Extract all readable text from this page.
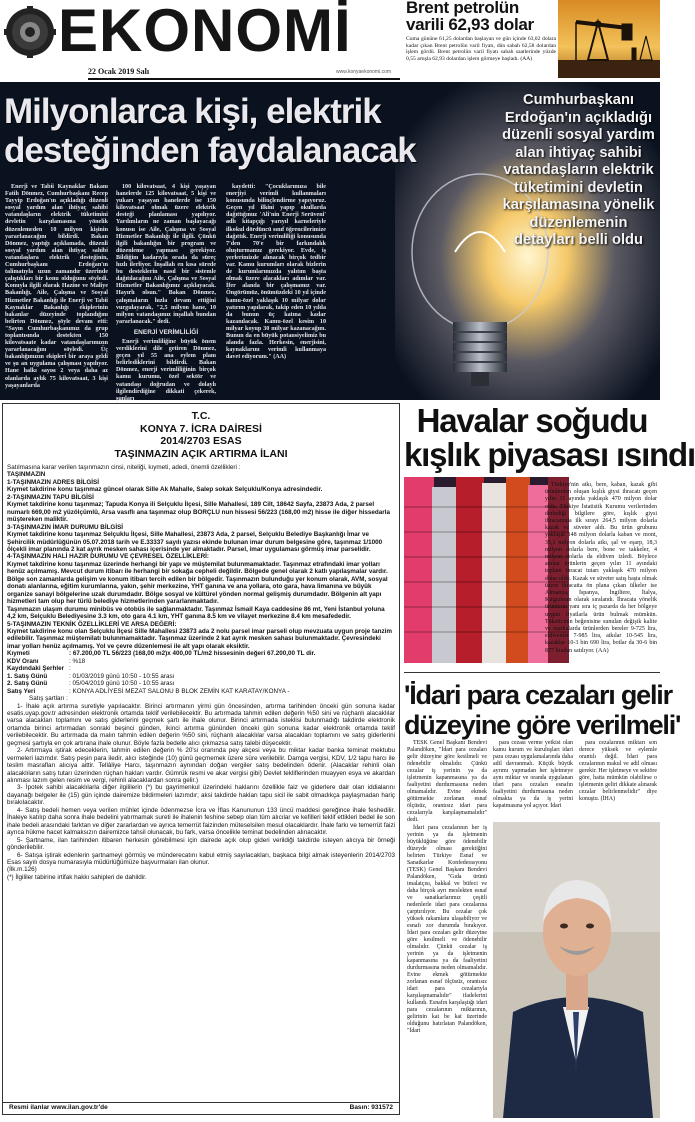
EKONOMİ
22 Ocak 2019 Salı	www.konyaekonomi.com
Brent petrolün varili 62,93 dolar
Cuma gününe 61,25 dolardan başlayan ve gün içinde 63,02 dolara kadar çıkan Brent petrolün varil fiyatı, dün sabah 62,58 dolardan işlem gördü. Brent petrolün varil fiyatı sabah saatlerinde yüzde 0,55 artışla 62,93 dolardan işlem görmeye başladı. (AA)
Milyonlarca kişi, elektrik
desteğinden faydalanacak
Cumhurbaşkanı Erdoğan'ın açıkladığı düzenli sosyal yardım alan ihtiyaç sahibi vatandaşların elektrik tüketimini devletin karşılamasına yönelik düzenlemenin detayları belli oldu

Enerji ve Tabii Kaynaklar Bakanı Fatih Dönmez, Cumhurbaşkanı Recep Tayyip Erdoğan'ın açıkladığı düzenli sosyal yardım alan ihtiyaç sahibi vatandaşların elektrik tüketimini devletin karşılamasına yönelik düzenlemeden 10 milyon kişinin yararlanacağını bildirdi. Bakan Dönmez, yaptığı açıklamada, düzenli sosyal yardım alan ihtiyaç sahibi vatandaşlara elektrik desteğinin, Cumhurbaşkanı Erdoğan'ın talimatıyla uzun zamandır üzerinde çalıştıkları bir konu olduğunu söyledi. Konuyla ilgili olarak Hazine ve Maliye Bakanlığı, Aile, Çalışma ve Sosyal Hizmetler Bakanlığı ile Enerji ve Tabii Kaynaklar Bakanlığı ekiplerinin bakanlar düzeyinde toplandığını belirten Dönmez, şöyle devam etti: "Sayın Cumhurbaşkanımız da grup toplantısında destekten 150 kilovatsaate kadar vatandaşlarımızın yararlanacağını söyledi. Üç bakanlığımızın ekipleri bir araya geldi ve şu an uygulama çalışması yapılıyor. Hane halkı sayısı 2 veya daha az olanlarda aylık 75 kilovatsaat, 3 kişi yaşayanlarda

100 kilovatsaat, 4 kişi yaşayan hanelerde 125 kilovatsaat, 5 kişi ve yukarı yaşayan hanelerde ise 150 kilovatsaat olmak üzere elektrik desteği planlaması yapılıyor. Yardımların ne zaman başlayacağı konusu ise Aile, Çalışma ve Sosyal Hizmetler Bakanlığı ile ilgili. Çünkü ilgili bakanlığın bir program ve düzenleme yapması gerekiyor. Bildiğim kadarıyla orada da süreç hızlı ilerliyor. İnşallah en kısa sürede bu desteklerin nasıl bir sistemle dağıtılacağını Aile, Çalışma ve Sosyal Hizmetler Bakanlığımız açıklayacak. Hayırlı olsun." Bakan Dönmez, çalışmaların hızla devam ettiğini vurgulayarak, "2,5 milyon hane, 10 milyon vatandaşımız inşallah bundan yararlanacak." dedi.

ENERJİ VERİMLİLİĞİ

Enerji verimliliğine büyük önem verdiklerini dile getiren Dönmez, geçen yıl 55 ana eylem planı belirlediklerini bildirdi. Bakan Dönmez, enerji verimliliğinin birçok kamu kurumu, özel sektör ve vatandaşı doğrudan ve dolaylı ilgilendirdiğine dikkati çekerek, şunları

kaydetti: "Çocuklarımıza bile enerjiyi verimli kullanmaları konusunda bilinçlendirme yapıyoruz. Geçen yıl ilkini yapıp okullarda dağıttığımız 'Ali'nin Enerji Serüveni' adlı kitapçığı yarıyıl karneleriyle ilkokul dördüncü sınıf öğrencilerimize dağıttık. Enerji verimliliği konusunda 7'den 70'e bir farkındalık oluşturmamız gerekiyor. Evde, iş yerlerimizde alınacak birçok tedbir var. Kamu kurumları olarak bizlerin de kurumlarımızda yalıtım başta olmak üzere alacakları adımlar var. İfer alanda bir çalışmamız var. Öngörümüz, önümüzdeki 10 yıl içinde kamu-özel yaklaşık 10 milyar dolar yatırım yapılarak, takip eden 10 yılda da bunun üç katına kadar kazanılacak. Kamu-özel kesim 10 milyar koyup 30 milyar kazanacağım. Bunun da en büyük potansiyelimiz bu alanda fazla. Herkesin, enerjisini, kaynaklarını verimli kullanmaya davet ediyorum." (AA)

T.C.
KONYA 7. İCRA DAİRESİ
2014/2703 ESAS
TAŞINMAZIN AÇIK ARTIRMA İLANI

Satılmasına karar verilen taşınmazın cinsi, niteliği, kıymeti, adedi, önemli özellikleri :

TAŞINMAZIN

1-TAŞINMAZIN ADRES BİLGİSİ

Kıymet takdirine konu taşınmaz güncel olarak Sille Ak Mahalle, Salep sokak Selçuklu/Konya adresindedir.

2-TAŞINMAZIN TAPU BİLGİSİ

Kıymet takdirine konu taşınmaz; Tapuda Konya ili Selçuklu İlçesi, Sille Mahallesi, 189 Cilt, 18642 Sayfa, 23873 Ada, 2 parsel numarlı 669,00 m2 yüzölçümlü, Arsa vasıflı ana taşınmaz olup BORÇLU nun hissesi 56/223 (168,00 m2) hisse ile diğer hissedarla müştereken maliktir.

3-TAŞINMAZIN İMAR DURUMU BİLGİSİ

Kıymet takdirine konu taşınmaz Selçuklu İlçesi, Sille Mahallesi, 23873 Ada, 2 parsel, Selçuklu Belediye Başkanlığı İmar ve Şehircilik müdürlüğünün 05.07.2018 tarih ve E.33337 sayılı yazısı ekinde bulunan imar durum belgesine göre, taşınmaz 1/1000 ölçekli imar planında 2 kat ayrık mesken sahası içerisinde yer almaktadır. Parsel, imar uygulaması görmüş imar parselidir.

4-TAŞINMAZIN HALİ HAZIR DURUMU VE ÇEVRESEL ÖZELLİKLERİ:

Kıymet takdirine konu taşınmaz üzerinde herhangi bir yapı ve müştemilat bulunmamaktadır. Taşınmaz etrafındaki imar yolları henüz açılmamış. Mevcut durum itibarı ile herhangi bir sokağa cepheli değildir. Bölgede genel olarak 2 katlı yapılaşmalar vardır. Bölge son zamanlarda gelişim ve konum itibarı tercih edilen bir bölgedir. Taşınmazın bulunduğu yer konum olarak, AVM, sosyal donatı alanlarına, eğitim kurumlarına, yakın, şehir merkezine, YHT ganına ve ana yollara, oto gara, hava limanına ve büyük organize sanayi bölgelerine uzak durumdadır. Bölge sosyal ve kültürel yönden normal gelişmiş durumdadır. Bölgenin alt yapı hizmetleri tam olup her türlü belediye hizmetlerinden yararlanmaktadır.

Taşınmazın ulaşım durumu minibüs ve otobüs ile sağlanmaktadır. Taşınmaz İsmail Kaya caddesine 86 mt, Yeni İstanbul yoluna 4,2 km, Selçuklu Belediyesine 3.3 km, oto gara 4.1 km, YHT ganına 8.5 km ve vilayet merkezine 8.4 km mesafededir.

5-TAŞINMAZIN TEKNİK ÖZELLİKLERİ VE ARSA DEĞERİ:

Kıymet takdirine konu olan Selçuklu İlçesi Sille Mahallesi 23873 ada 2 nolu parsel imar parseli olup mevzuata uygun proje tanzim edilebilir. Taşınmaz müştemilatı bulunmamaktadır. Taşınmaz üzerinde 2 kat ayrık mesken sahası bulunmaktadır. Çevresindeki imar yolları henüz açılmamış. Yol ve çevre düzenlemesi ile alt yapı olarak eksiktir.

Kıymeti	: 67.200,00 TL 56/223 (168,00 m2)x 400,00 TL/m2 hissesinin değeri 67.200,00 TL dir.
KDV Oranı	: %18
Kaydındaki Şerhler :
1. Satış Günü	: 01/03/2019 günü 10:50 - 10:55 arası
2. Satış Günü	: 05/04/2019 günü 10:50 - 10:55 arası
Satış Yeri	: KONYA ADLİYESİ MEZAT SALONU B BLOK ZEMİN KAT KARATAY/KONYA -

Satış şartları :

1- İhale açık artırma suretiyle yapılacaktır. Birinci artırmanın yirmi gün öncesinden, artırma tarihinden önceki gün sonuna kadar esatis.uyap.gov.tr adresinden elektronik ortamda teklif verilebilecektir. Bu artırmada tahmin edilen değerin %50 sini ve rüçhanlı alacaklılar varsa alacakları toplamını ve satış giderlerini geçmek şartı ile ihale olunur. Birinci artırmada isteklisi bulunmadığı takdirde elektronik ortamda birinci artırmadan sonraki beşinci günden, ikinci artırma gününden önceki gün sonuna kadar elektronik ortamda teklif verilebilecektir. Bu artırmada da malın tahmin edilen değerin %50 sini, rüçhanlı alacaklılar varsa alacakları toplamını ve satış giderlerini geçmesi şartıyla en çok artırana ihale olunur. Böyle fazla bedelle alıcı çıkmazsa satış talebi düşecektir.

2- Artırmaya iştirak edeceklerin, tahmin edilen değerin % 20'si oranında pey akçesi veya bu miktar kadar banka teminat mektubu vermeleri lazımdır. Satış peşin para iledir, alıcı isteğinde (10) günü geçmemek üzere süre verilebilir. Damga vergisi, KDV, 1/2 tapu harcı ile teslim masrafları alıcıya aittir. Tellâliye Harcı, taşınmazın aynından doğan vergiler satış bedelinden ödenir. (Alacaklar rehinli olan alacaklıların satış tutarı üzerinden rüçhan hakları vardır. Gümrük resmi ve akar vergisi gibi) Devlet tekliflerinden muayyen esya ve akardan alınması lazım gelen resim ve vergi, rehinli alacaklardan sonra gelir.)

3- İpotek sahibi alacaklılarla diğer ilgililerin (*) bu gayrimenkul üzerindeki haklarını özellikle faiz ve giderlere dair olan iddialarını dayanağı belgeler ile (15) gün içinde dairemize bildirmeleri lazımdır; aksi takdirde hakları tapu sicil ile sabit olmadıkça paylaşmadan hariç bırakılacaktır.

4- Satış bedeli hemen veya verilen mühlet içinde ödenmezse İcra ve İflas Kanununun 133 üncü maddesi gereğince ihale feshedilir. İhaleye katılıp daha sonra ihale bedelini yatırmamak sureti ile ihalenin feshine sebep olan tüm alıcılar ve kefilleri teklif ettikleri bedel ile son ihale bedeli arasındaki farktan ve diğer zararlardan ve ayrıca temerrüt faizinden müteselsilen mesul olacaklardır. İhale farkı ve temerrüt faizi ayrıca hükme hacet kalmaksızın dairemizce tahsil olunacak, bu fark, varsa öncelikle teminat bedelinden alınacaktır.

5- Şartname, ilan tarihinden itibaren herkesin görebilmesi için dairede açık olup gideri verildiği takdirde isteyen alıcıya bir örneği gönderilebilir.

6- Satışa iştirak edenlerin şartnameyi görmüş ve münderecatını kabul etmiş sayılacakları, başkaca bilgi almak isteyenlerin 2014/2703 Esas sayılı dosya numarasıyla müdürlüğümüze başvurmaları ilan olunur.

(İlk.m.126)

(*) İlgililer tabirine irtifak hakkı sahipleri de dahildir.

Resmi ilanlar www.ilan.gov.tr'de	Basın: 931572
Havalar soğudu
kışlık piyasası ısındı

Türkiye'nin atkı, bere, kaban, kazak gibi ürünlerden oluşan kışlık giysi ihracatı geçen yılın 11 ayında yaklaşık 470 milyon dolar oldu. Türkiye İstatistik Kurumu verilerinden derlediği bilgilere göre, kışlık giysi ihracatında ilk sırayı 264,5 milyon dolarla kazak ve süveter aldı. Bu ürün grubunu yaklaşık 148 milyon dolarla kaban ve mont, 35,1 milyon dolarla atkı, şal ve eşarp, 18,3 milyon dolarla bere, bone ve takkeler, 4 milyon dolarla da eldiven izledi. Böylece anılan ürünlerin geçen yılın 11 ayındaki toplam ihracat tutarı yaklaşık 470 milyon dolar oldu. Kazak ve süveter satış başta olmak üzere ihracatta ön plana çıkan ülkeler ise Almanya, İspanya, İngiltere, İtalya, Kırgızistan olarak sıralandı. İhracata yönelik ürünlerin yanı sıra iç pazarda da her bölgeye uygun fiyatlarla ürün bulmak mümkün. Tüketicinin beğenisine sunulan değişik kalite ve markalarda ürünlerden bereler 9-725 lira, eldivenler 7-985 lira, atkılar 10-545 lira, kazaklar 10-3 bin 690 lira, botlar da 30-6 bin 877 liradan satılıyor. (AA)

'İdari para cezaları gelir
düzeyine göre verilmeli'

TESK Genel Başkanı Bendevi Palandöken, "İdari para cezaları gelir düzeyine göre kesilmeli ve ödenebilir olmalıdır. Çünkü cezalar iş yerinin ya da işletmenin kapanmasına ya da faaliyetini durdurmasına neden olmamalıdır. Evine ekmek götürmekte zorlanan esnaf ölçüsüz, orantısız idari para cezalarıyla karşılaşmamalıdır" dedi.

İdari para cezalarının her iş yerinin ya da işletmenin büyüklüğüne göre ödenebilir düzeyde olması gerektiğini belirten Türkiye Esnaf ve Sanatkarlar Konfederasyonu (TESK) Genel Başkanı Bendevi Palandöken, "Gıda ürünü imalatçısı, bakkal ve büfeci ve daha birçok ayrı meslekten esnaf ve sanatkarlarımız çeşitli nedenlerle idari para cezalarına çarptırılıyor. Bu cezalar çok yüksek rakamlara ulaşabiliyor ve esnafı zor durumda bırakıyor. İdari para cezaları gelir düzeyine göre kesilmeli ve ödenebilir olmalıdır. Çünkü cezalar iş yerinin ya da işletmenin kapanmasına ya da faaliyetini durdurmasına neden olmamalıdır. Evine ekmek götürmekte zorlanan esnaf ölçüsüz, orantısız idari para cezalarıyla karşılaşmamalıdır" ifadelerini kullandı. Esnafın karşılaştığı idari para cezalarının miktarının, gelirinin kat be kat üzerinde olduğunu hatırlatan Palandöken, "İdari

para cezası verme yetkisi olan kamu kurum ve kuruluşları idari para cezası uygulamalarında daha adil davranmalı. Küçük büyük ayrımı yapmadan her işletmeye aynı miktar ve oranda uygulanan idari para cezaları esnafın faaliyetini durdurmasına neden olmakta ya da iş yerini kapatmasına yol açıyor. İdari

para cezalarının miktarı son derece yüksek ve eylemle orantılı değil. İdari para cezalarının makul ve adil olması gerekir. Her işletmeye ve sektöre göre, hatta mümkün olabilirse o işletmenin geliri dikkate alınarak cezalar belirlenmelidir" diye konuştu. (İHA)
